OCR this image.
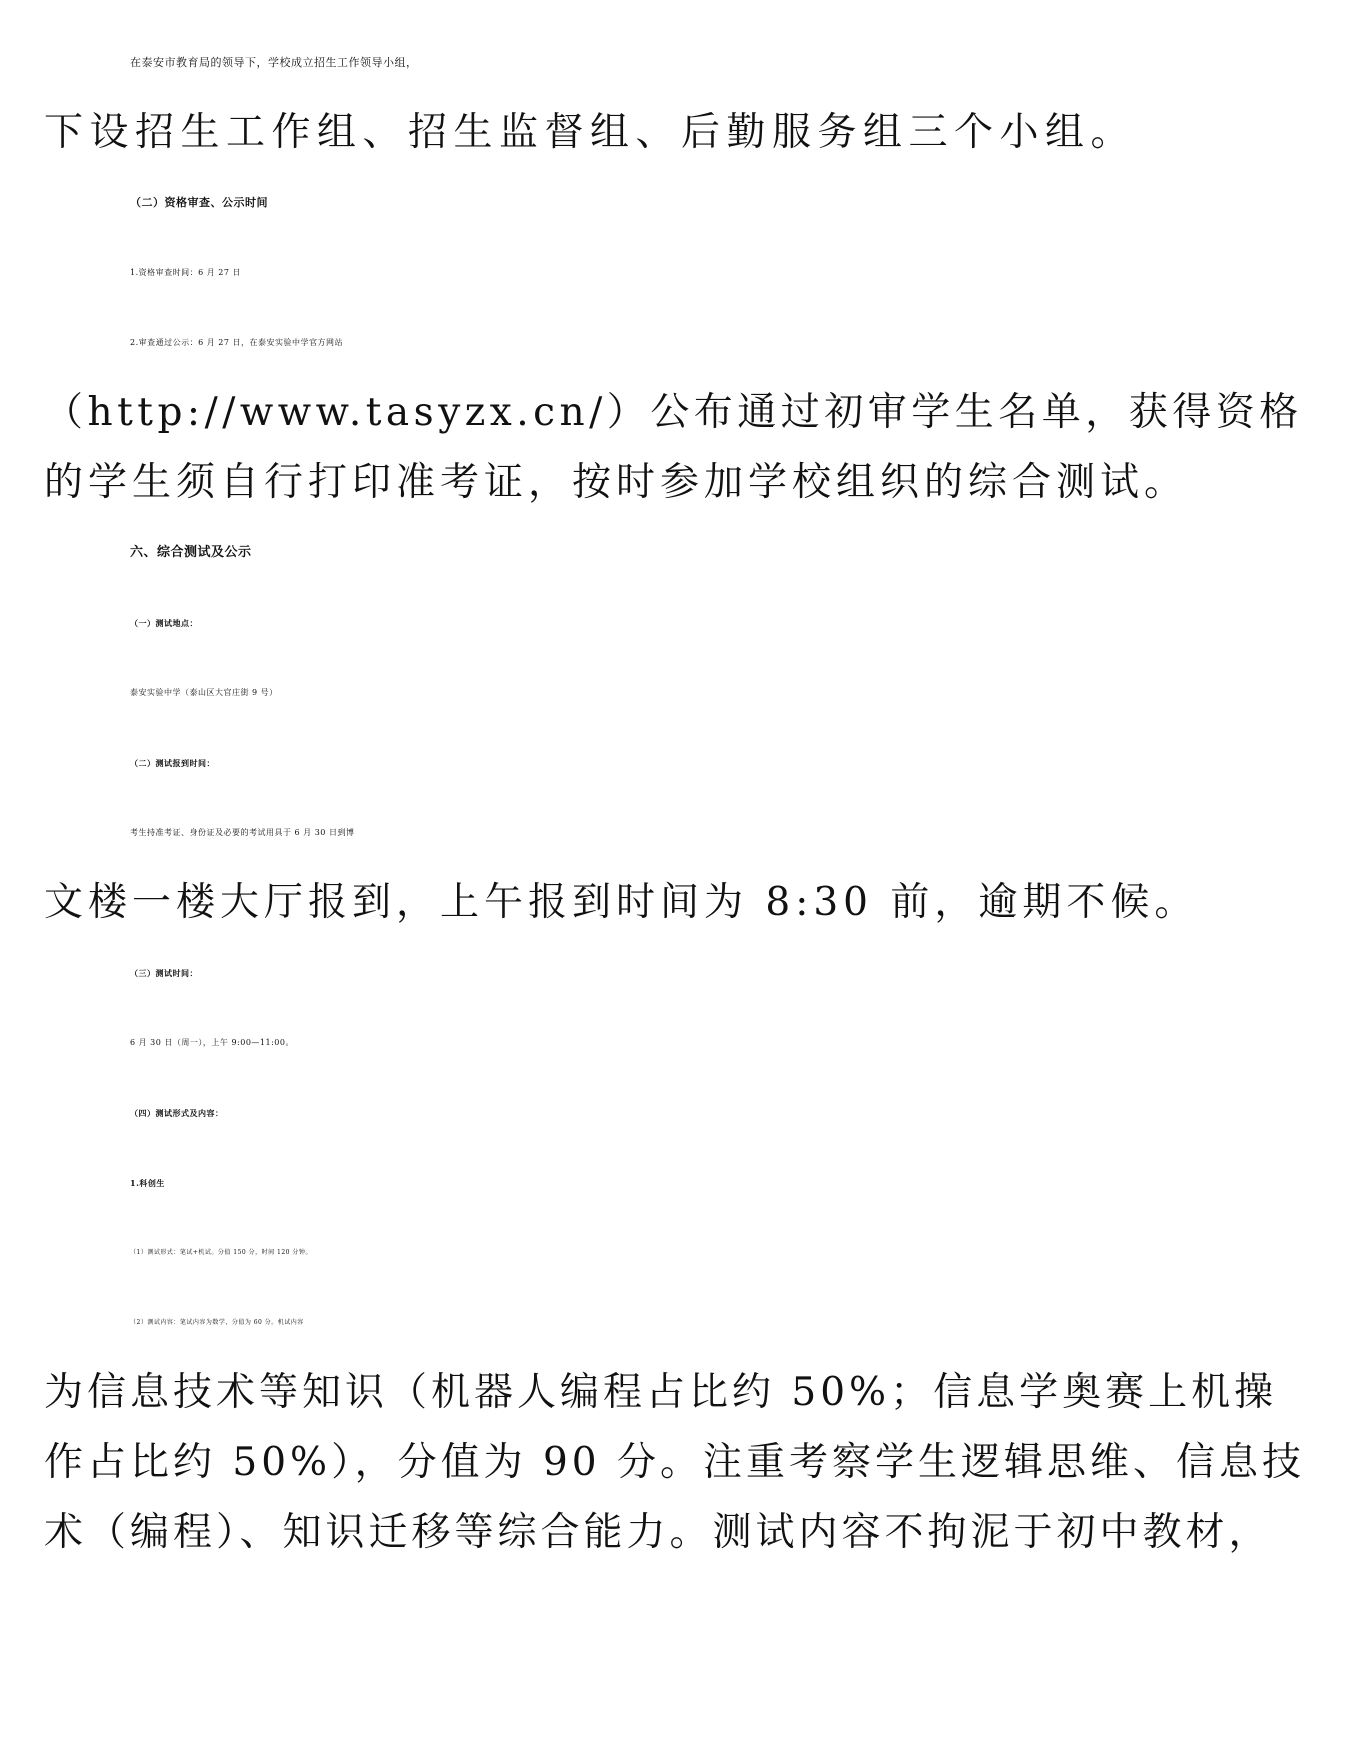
在泰安市教育局的领导下，学校成立招生工作领导小组，
下设招生工作组、招生监督组、后勤服务组三个小组。
（二）资格审查、公示时间
1.资格审查时间：6 月 27 日
2.审查通过公示：6 月 27 日，在泰安实验中学官方网站
（http://www.tasyzx.cn/）公布通过初审学生名单，获得资格
的学生须自行打印准考证，按时参加学校组织的综合测试。
六、综合测试及公示
（一）测试地点：
泰安实验中学（泰山区大官庄街 9 号）
（二）测试报到时间：
考生持准考证、身份证及必要的考试用具于 6 月 30 日到博
文楼一楼大厅报到，上午报到时间为 8:30 前，逾期不候。
（三）测试时间：
6 月 30 日（周一），上午 9:00—11:00。
（四）测试形式及内容：
1.科创生
（1）测试形式：笔试+机试。分值 150 分，时间 120 分钟。
（2）测试内容：笔试内容为数学，分值为 60 分。机试内容
为信息技术等知识（机器人编程占比约 50%；信息学奥赛上机操
作占比约 50%），分值为 90 分。注重考察学生逻辑思维、信息技
术（编程）、知识迁移等综合能力。测试内容不拘泥于初中教材，
